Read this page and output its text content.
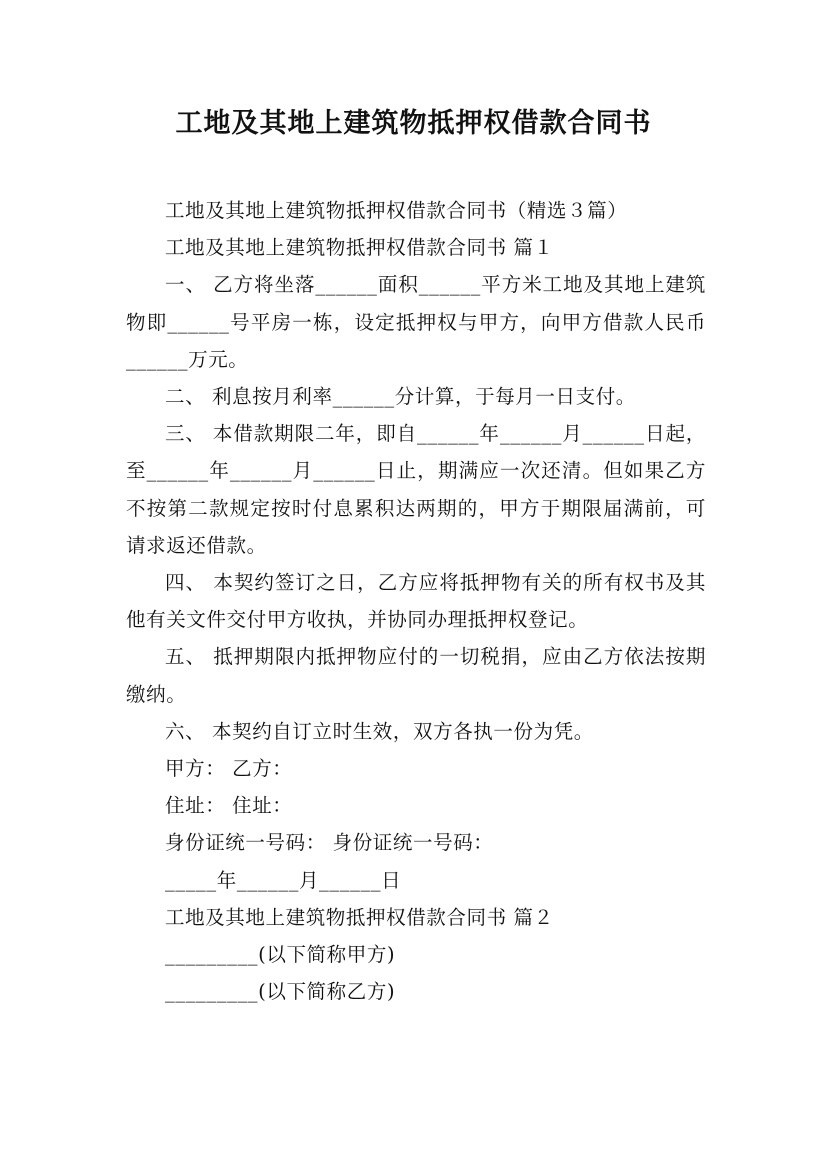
工地及其地上建筑物抵押权借款合同书

工地及其地上建筑物抵押权借款合同书（精选３篇）

工地及其地上建筑物抵押权借款合同书 篇１

一、 乙方将坐落______面积______平方米工地及其地上建筑物即______号平房一栋，设定抵押权与甲方，向甲方借款人民币______万元。

二、 利息按月利率______分计算，于每月一日支付。

三、 本借款期限二年，即自______年______月______日起，至______年______月______日止，期满应一次还清。但如果乙方不按第二款规定按时付息累积达两期的，甲方于期限届满前，可请求返还借款。

四、 本契约签订之日，乙方应将抵押物有关的所有权书及其他有关文件交付甲方收执，并协同办理抵押权登记。

五、 抵押期限内抵押物应付的一切税捐，应由乙方依法按期缴纳。

六、 本契约自订立时生效，双方各执一份为凭。

甲方： 乙方：

住址： 住址：

身份证统一号码： 身份证统一号码：

_____年______月______日

工地及其地上建筑物抵押权借款合同书 篇２

_________(以下简称甲方)

_________(以下简称乙方)
